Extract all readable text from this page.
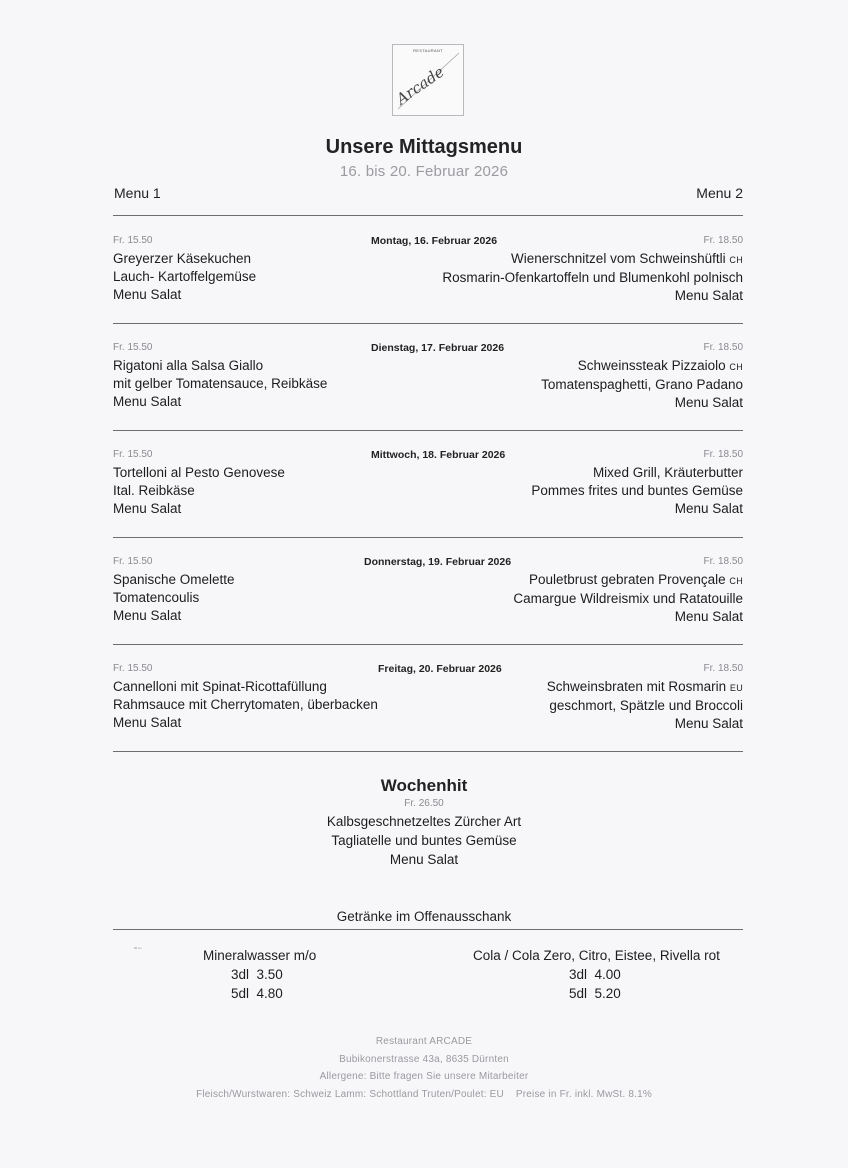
RESTAURANT
Arcade
Unsere Mittagsmenu
16. bis 20. Februar 2026
Menu 1	Menu 2
Fr. 15.50	Montag, 16. Februar 2026	Fr. 18.50
Greyerzer Käsekuchen
Lauch- Kartoffelgemüse
Menu Salat
Wienerschnitzel vom Schweinshüftli CH
Rosmarin-Ofenkartoffeln und Blumenkohl polnisch
Menu Salat
Fr. 15.50	Dienstag, 17. Februar 2026	Fr. 18.50
Rigatoni alla Salsa Giallo
mit gelber Tomatensauce, Reibkäse
Menu Salat
Schweinssteak Pizzaiolo CH
Tomatenspaghetti, Grano Padano
Menu Salat
Fr. 15.50	Mittwoch, 18. Februar 2026	Fr. 18.50
Tortelloni al Pesto Genovese
Ital. Reibkäse
Menu Salat
Mixed Grill, Kräuterbutter
Pommes frites und buntes Gemüse
Menu Salat
Fr. 15.50	Donnerstag, 19. Februar 2026	Fr. 18.50
Spanische Omelette
Tomatencoulis
Menu Salat
Pouletbrust gebraten Provençale CH
Camargue Wildreismix und Ratatouille
Menu Salat
Fr. 15.50	Freitag, 20. Februar 2026	Fr. 18.50
Cannelloni mit Spinat-Ricottafüllung
Rahmsauce mit Cherrytomaten, überbacken
Menu Salat
Schweinsbraten mit Rosmarin EU
geschmort, Spätzle und Broccoli
Menu Salat
Wochenhit
Fr. 26.50
Kalbsgeschnetzeltes Zürcher Art
Tagliatelle und buntes Gemüse
Menu Salat
Getränke im Offenausschank
≈∼	Mineralwasser m/o
3dl 3.50
5dl 4.80
Cola / Cola Zero, Citro, Eistee, Rivella rot
3dl 4.00
5dl 5.20
Restaurant ARCADE
Bubikonerstrasse 43a, 8635 Dürnten
Allergene: Bitte fragen Sie unsere Mitarbeiter
Fleisch/Wurstwaren: Schweiz Lamm: Schottland Truten/Poulet: EU Preise in Fr. inkl. MwSt. 8.1%
